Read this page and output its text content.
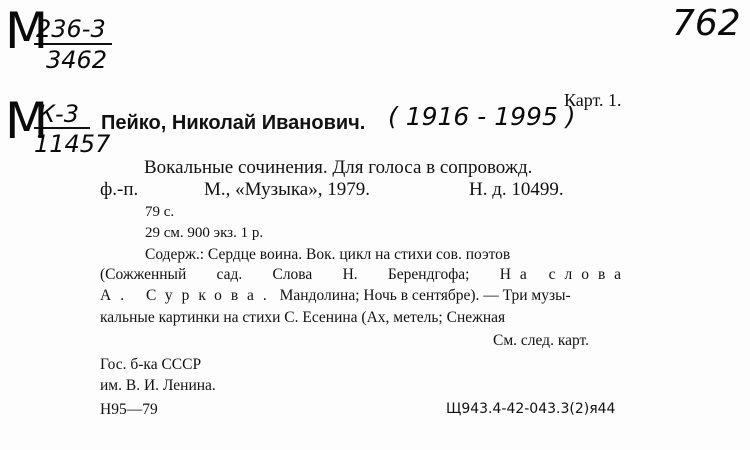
М
236-3
3462
762
М
К-3
11457
( 1916 - 1995 )
Карт. 1.
Пейко, Николай Иванович.
Вокальные сочинения. Для голоса в сопровожд.
ф.-п.	М., «Музыка», 1979.	Н. д. 10499.
79 с.
29 см. 900 экз. 1 р.
Содерж.: Сердце воина. Вок. цикл на стихи сов. поэтов
(Сожженный сад. Слова Н. Берендгофа; На слова
А. Суркова. Мандолина; Ночь в сентябре). — Три музы-
кальные картинки на стихи С. Есенина (Ах, метель; Снежная
См. след. карт.
Гос. б-ка СССР
им. В. И. Ленина.
Н95—79	Щ943.4-42-043.3(2)я44
